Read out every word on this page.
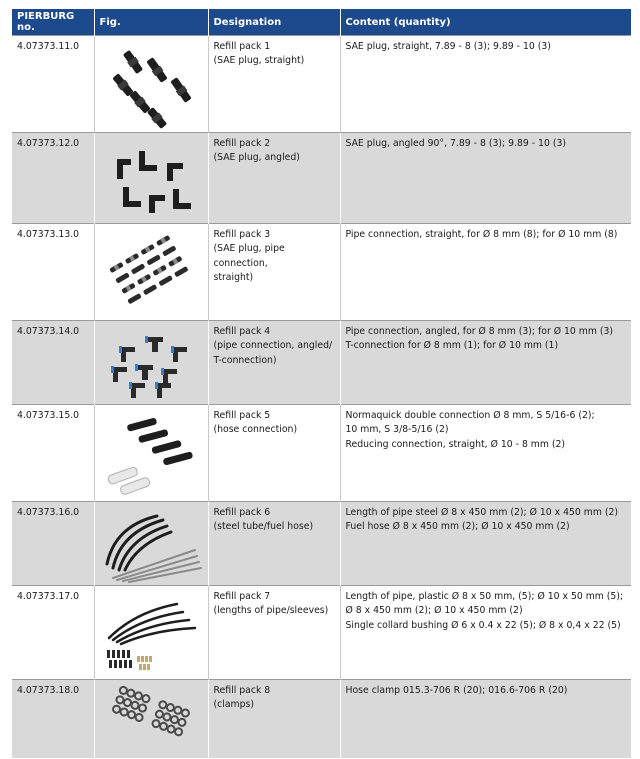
PIERBURG no.	Fig.	Designation	Content (quantity)
4.07373.11.0		Refill pack 1
(SAE plug, straight)	SAE plug, straight, 7.89 - 8 (3); 9.89 - 10 (3)

4.07373.12.0		Refill pack 2
(SAE plug, angled)	SAE plug, angled 90°, 7.89 - 8 (3); 9.89 - 10 (3)

4.07373.13.0		Refill pack 3
(SAE plug, pipe connection,
straight)	Pipe connection, straight, for Ø 8 mm (8); for Ø 10 mm (8)

4.07373.14.0		Refill pack 4
(pipe connection, angled/
T-connection)	Pipe connection, angled, for Ø 8 mm (3); for Ø 10 mm (3)
T-connection for Ø 8 mm (1); for Ø 10 mm (1)

4.07373.15.0		Refill pack 5
(hose connection)	Normaquick double connection Ø 8 mm, S 5/16-6 (2);
10 mm, S 3/8-5/16 (2)
Reducing connection, straight, Ø 10 - 8 mm (2)

4.07373.16.0		Refill pack 6
(steel tube/fuel hose)	Length of pipe steel Ø 8 x 450 mm (2); Ø 10 x 450 mm (2)
Fuel hose Ø 8 x 450 mm (2); Ø 10 x 450 mm (2)

4.07373.17.0		Refill pack 7
(lengths of pipe/sleeves)	Length of pipe, plastic Ø 8 x 50 mm, (5); Ø 10 x 50 mm (5);
Ø 8 x 450 mm (2); Ø 10 x 450 mm (2)
Single collard bushing Ø 6 x 0.4 x 22 (5); Ø 8 x 0,4 x 22 (5)

4.07373.18.0		Refill pack 8
(clamps)	Hose clamp 015.3-706 R (20); 016.6-706 R (20)
